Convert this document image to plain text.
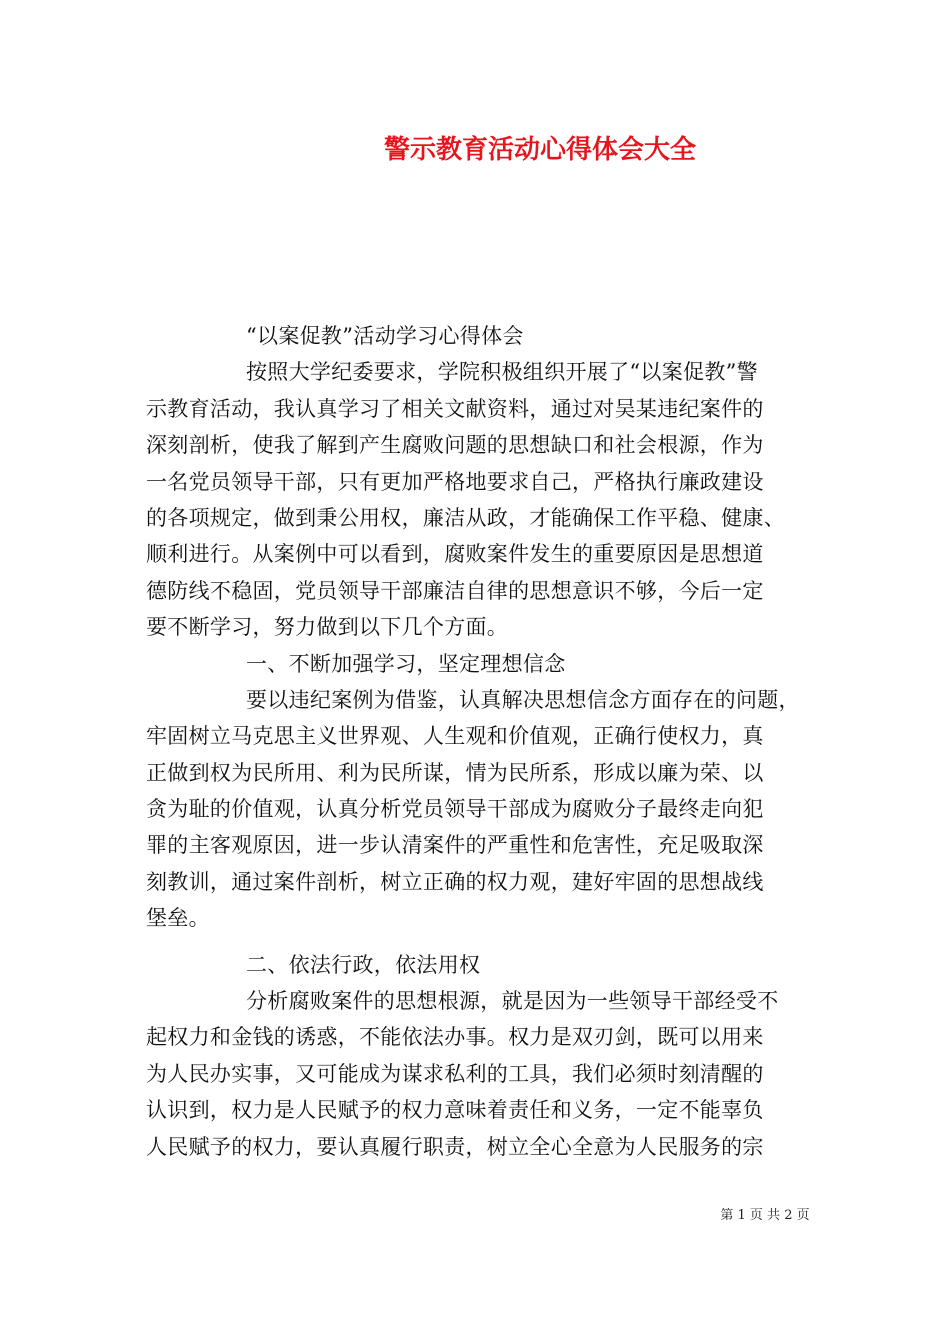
警示教育活动心得体会大全
“以案促教”活动学习心得体会
按照大学纪委要求，学院积极组织开展了“以案促教”警
示教育活动，我认真学习了相关文献资料，通过对吴某违纪案件的
深刻剖析，使我了解到产生腐败问题的思想缺口和社会根源，作为
一名党员领导干部，只有更加严格地要求自己，严格执行廉政建设
的各项规定，做到秉公用权，廉洁从政，才能确保工作平稳、健康、
顺利进行。从案例中可以看到，腐败案件发生的重要原因是思想道
德防线不稳固，党员领导干部廉洁自律的思想意识不够，今后一定
要不断学习，努力做到以下几个方面。
一、不断加强学习，坚定理想信念
要以违纪案例为借鉴，认真解决思想信念方面存在的问题，
牢固树立马克思主义世界观、人生观和价值观，正确行使权力，真
正做到权为民所用、利为民所谋，情为民所系，形成以廉为荣、以
贪为耻的价值观，认真分析党员领导干部成为腐败分子最终走向犯
罪的主客观原因，进一步认清案件的严重性和危害性，充足吸取深
刻教训，通过案件剖析，树立正确的权力观，建好牢固的思想战线
堡垒。
二、依法行政，依法用权
分析腐败案件的思想根源，就是因为一些领导干部经受不
起权力和金钱的诱惑，不能依法办事。权力是双刃剑，既可以用来
为人民办实事，又可能成为谋求私利的工具，我们必须时刻清醒的
认识到，权力是人民赋予的权力意味着责任和义务，一定不能辜负
人民赋予的权力，要认真履行职责，树立全心全意为人民服务的宗
第 1 页 共 2 页
